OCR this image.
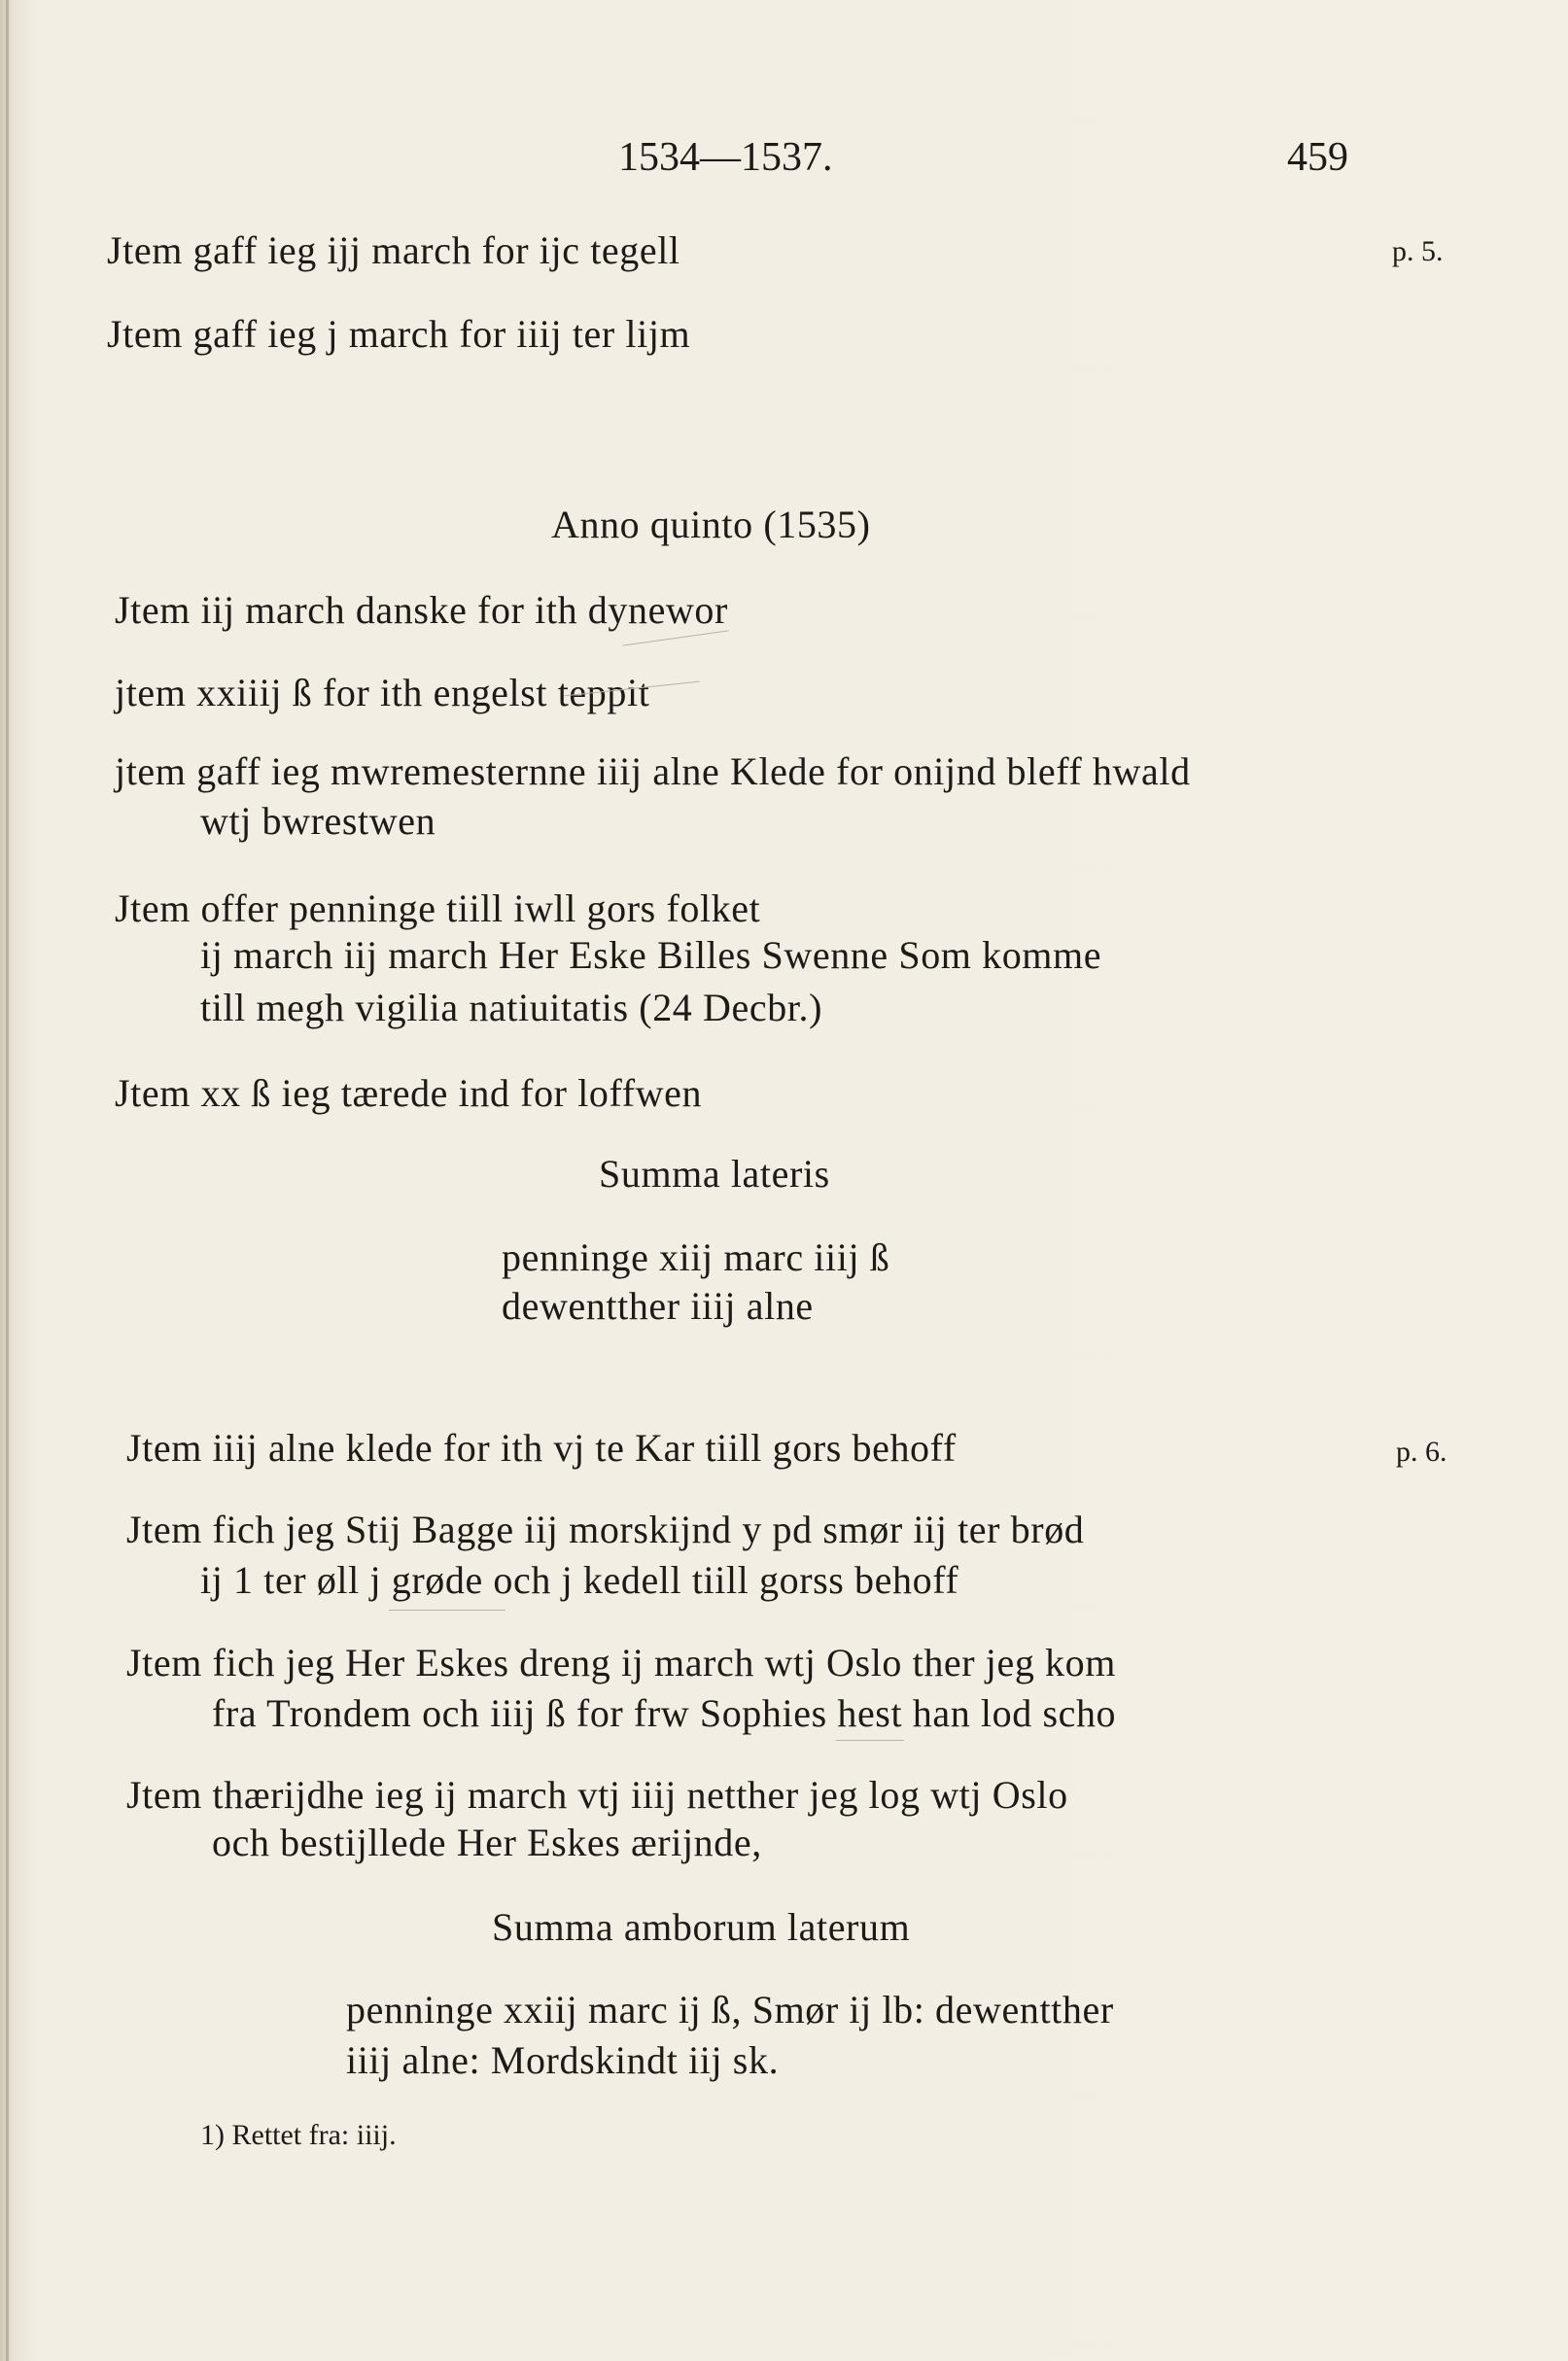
1534—1537.	459
p. 5.
p. 6.
Jtem gaff ieg ijj march for ijc tegell
Jtem gaff ieg j march for iiij ter lijm
Anno quinto (1535)
Jtem iij march danske for ith dynewor
jtem xxiiij ß for ith engelst teppit
jtem gaff ieg mwremesternne iiij alne Klede for onijnd bleff hwald
wtj bwrestwen
Jtem offer penninge tiill iwll gors folket
ij march iij march Her Eske Billes Swenne Som komme
till megh vigilia natiuitatis (24 Decbr.)
Jtem xx ß ieg tærede ind for loffwen
Summa lateris
penninge xiij marc iiij ß
dewentther iiij alne
Jtem iiij alne klede for ith vj te Kar tiill gors behoff
Jtem fich jeg Stij Bagge iij morskijnd y pd smør iij ter brød
ij 1 ter øll j grøde och j kedell tiill gorss behoff
Jtem fich jeg Her Eskes dreng ij march wtj Oslo ther jeg kom
fra Trondem och iiij ß for frw Sophies hest han lod scho
Jtem thærijdhe ieg ij march vtj iiij netther jeg log wtj Oslo
och bestijllede Her Eskes ærijnde,
Summa amborum laterum
penninge xxiij marc ij ß, Smør ij lb: dewentther
iiij alne: Mordskindt iij sk.
1) Rettet fra: iiij.
